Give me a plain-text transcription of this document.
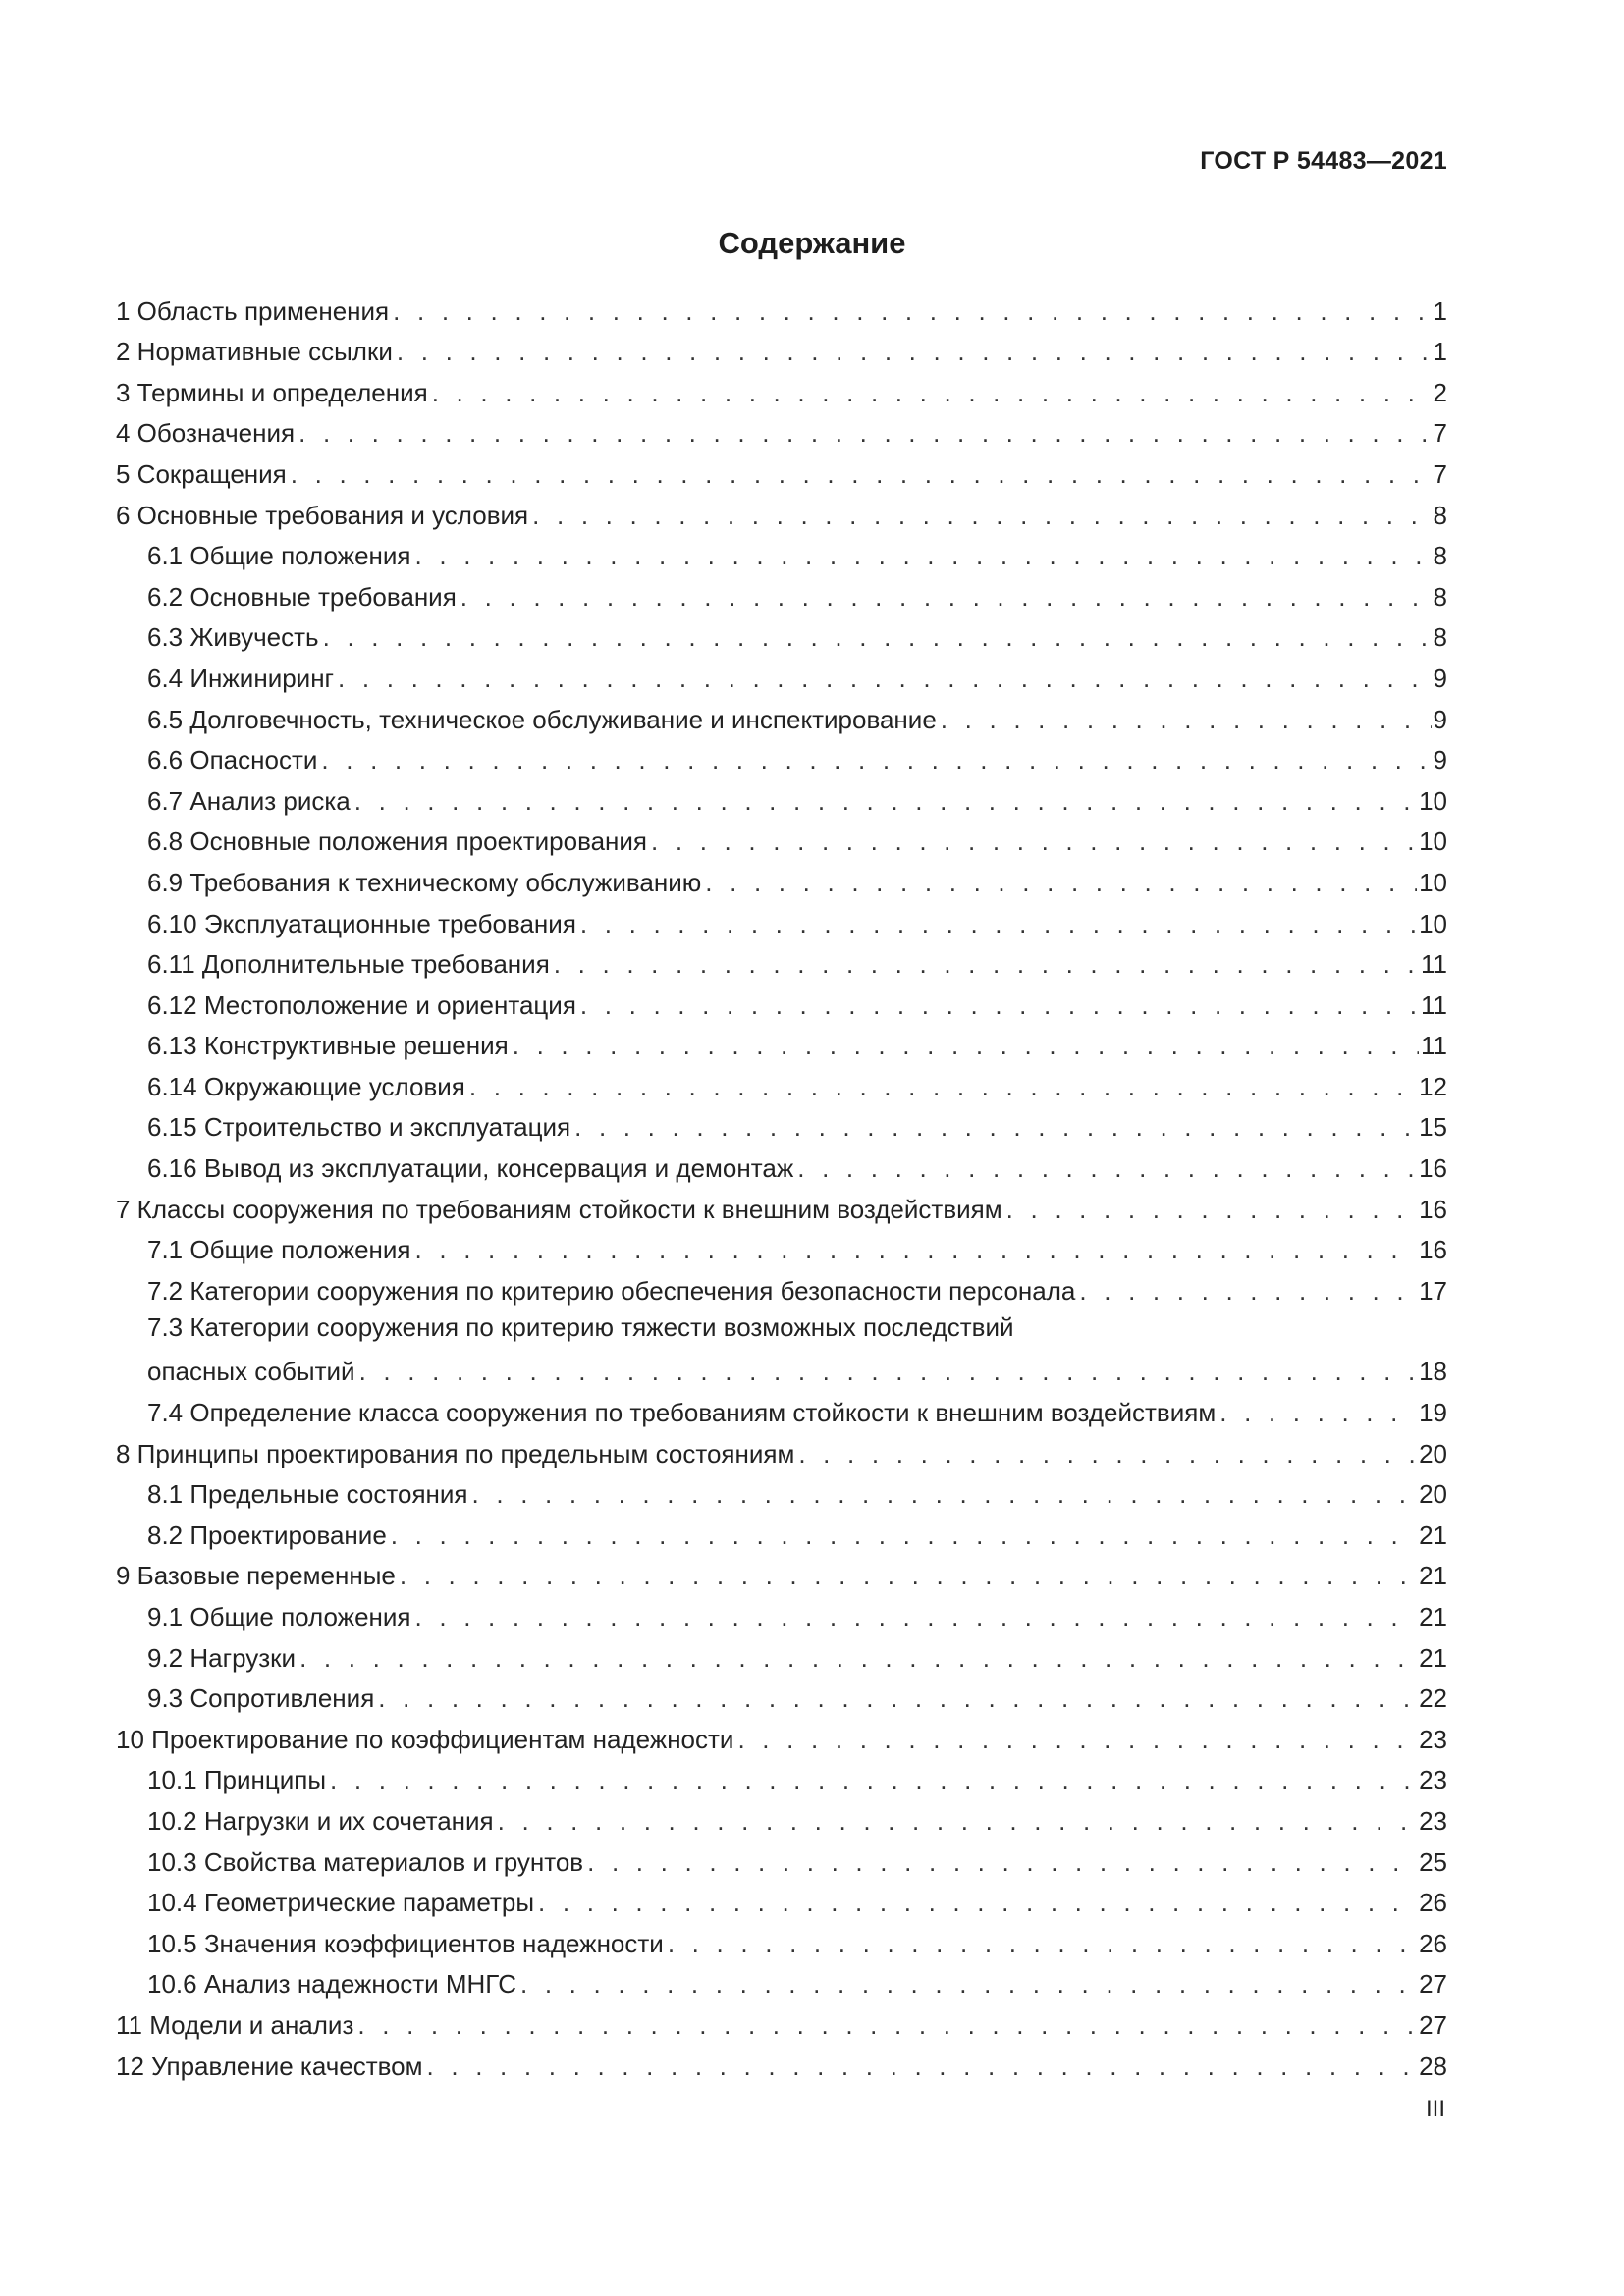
ГОСТ Р 54483—2021
Содержание
1 Область применения . . .	1
2 Нормативные ссылки . . .	1
3 Термины и определения . . .	2
4 Обозначения . . .	7
5 Сокращения . . .	7
6 Основные требования и условия . . .	8
6.1 Общие положения . . .	8
6.2 Основные требования . . .	8
6.3 Живучесть . . .	8
6.4 Инжиниринг . . .	9
6.5 Долговечность, техническое обслуживание и инспектирование . . .	9
6.6 Опасности . . .	9
6.7 Анализ риска . . .	10
6.8 Основные положения проектирования . . .	10
6.9 Требования к техническому обслуживанию . . .	10
6.10 Эксплуатационные требования . . .	10
6.11 Дополнительные требования . . .	11
6.12 Местоположение и ориентация . . .	11
6.13 Конструктивные решения . . .	11
6.14 Окружающие условия . . .	12
6.15 Строительство и эксплуатация . . .	15
6.16 Вывод из эксплуатации, консервация и демонтаж . . .	16
7 Классы сооружения по требованиям стойкости к внешним воздействиям . . .	16
7.1 Общие положения . . .	16
7.2 Категории сооружения по критерию обеспечения безопасности персонала . . .	17
7.3 Категории сооружения по критерию тяжести возможных последствий
опасных событий . . .	18
7.4 Определение класса сооружения по требованиям стойкости к внешним воздействиям . . .	19
8 Принципы проектирования по предельным состояниям . . .	20
8.1 Предельные состояния . . .	20
8.2 Проектирование . . .	21
9 Базовые переменные . . .	21
9.1 Общие положения . . .	21
9.2 Нагрузки . . .	21
9.3 Сопротивления . . .	22
10 Проектирование по коэффициентам надежности . . .	23
10.1 Принципы . . .	23
10.2 Нагрузки и их сочетания . . .	23
10.3 Свойства материалов и грунтов . . .	25
10.4 Геометрические параметры . . .	26
10.5 Значения коэффициентов надежности . . .	26
10.6 Анализ надежности МНГС . . .	27
11 Модели и анализ . . .	27
12 Управление качеством . . .	28
III
